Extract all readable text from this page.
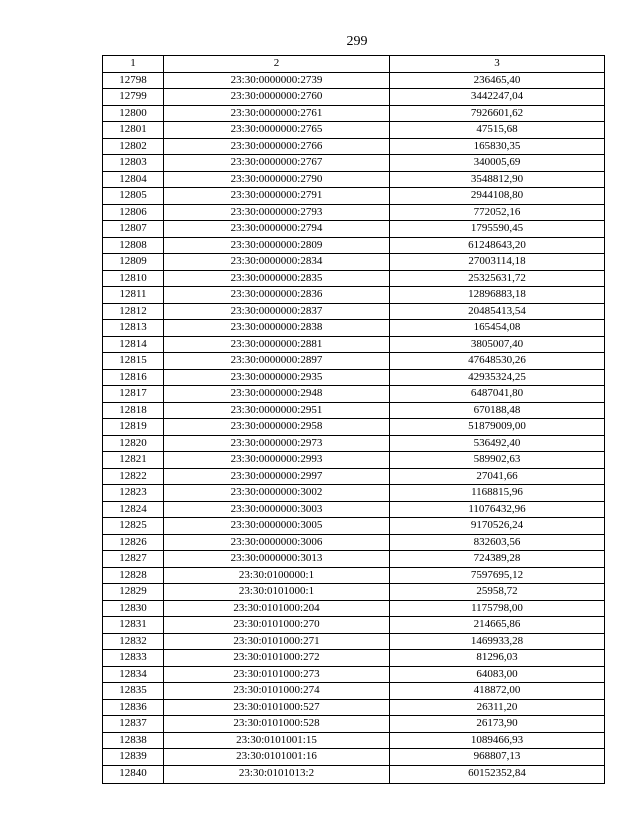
299
1	2	3
12798	23:30:0000000:2739	236465,40
12799	23:30:0000000:2760	3442247,04
12800	23:30:0000000:2761	7926601,62
12801	23:30:0000000:2765	47515,68
12802	23:30:0000000:2766	165830,35
12803	23:30:0000000:2767	340005,69
12804	23:30:0000000:2790	3548812,90
12805	23:30:0000000:2791	2944108,80
12806	23:30:0000000:2793	772052,16
12807	23:30:0000000:2794	1795590,45
12808	23:30:0000000:2809	61248643,20
12809	23:30:0000000:2834	27003114,18
12810	23:30:0000000:2835	25325631,72
12811	23:30:0000000:2836	12896883,18
12812	23:30:0000000:2837	20485413,54
12813	23:30:0000000:2838	165454,08
12814	23:30:0000000:2881	3805007,40
12815	23:30:0000000:2897	47648530,26
12816	23:30:0000000:2935	42935324,25
12817	23:30:0000000:2948	6487041,80
12818	23:30:0000000:2951	670188,48
12819	23:30:0000000:2958	51879009,00
12820	23:30:0000000:2973	536492,40
12821	23:30:0000000:2993	589902,63
12822	23:30:0000000:2997	27041,66
12823	23:30:0000000:3002	1168815,96
12824	23:30:0000000:3003	11076432,96
12825	23:30:0000000:3005	9170526,24
12826	23:30:0000000:3006	832603,56
12827	23:30:0000000:3013	724389,28
12828	23:30:0100000:1	7597695,12
12829	23:30:0101000:1	25958,72
12830	23:30:0101000:204	1175798,00
12831	23:30:0101000:270	214665,86
12832	23:30:0101000:271	1469933,28
12833	23:30:0101000:272	81296,03
12834	23:30:0101000:273	64083,00
12835	23:30:0101000:274	418872,00
12836	23:30:0101000:527	26311,20
12837	23:30:0101000:528	26173,90
12838	23:30:0101001:15	1089466,93
12839	23:30:0101001:16	968807,13
12840	23:30:0101013:2	60152352,84
